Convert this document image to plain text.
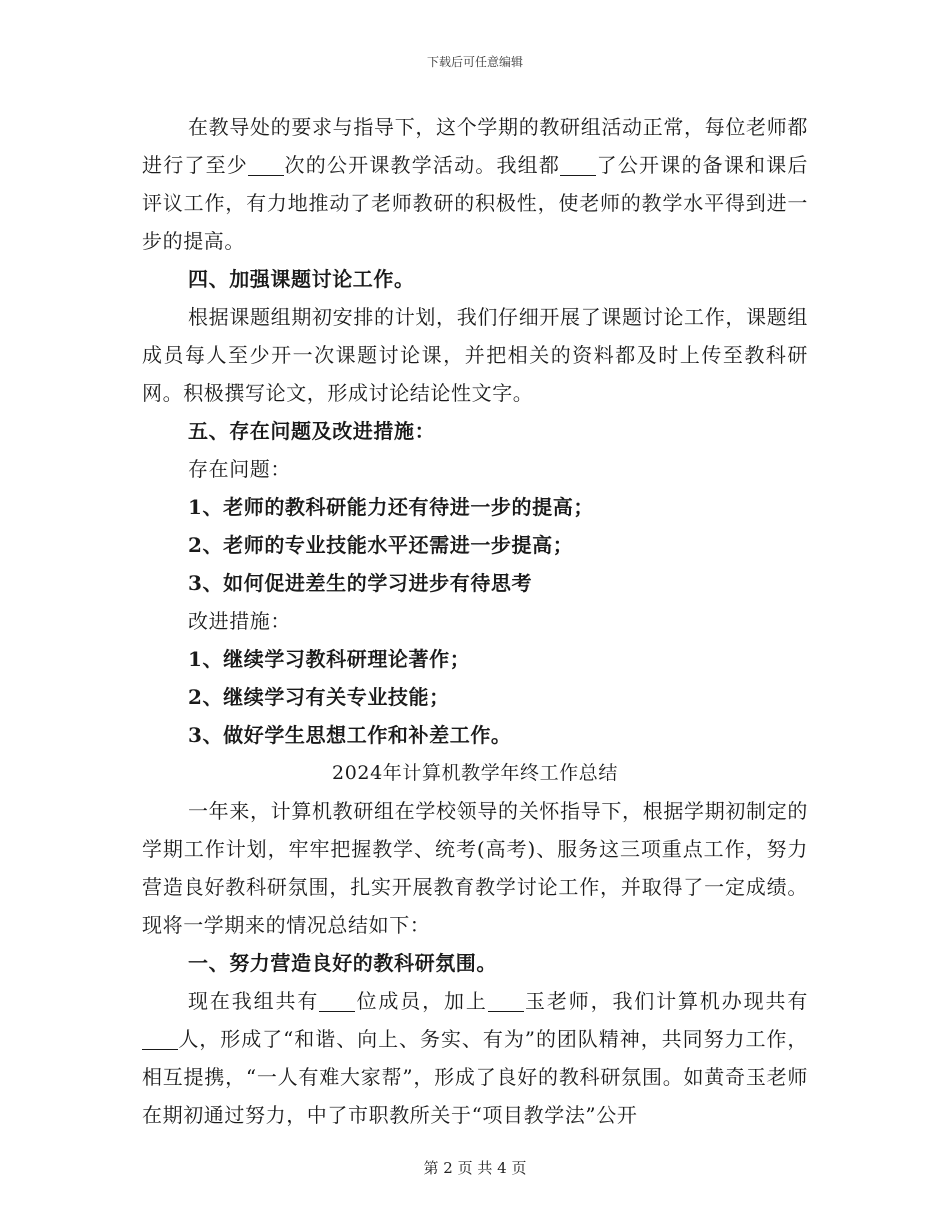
下载后可任意编辑

在教导处的要求与指导下，这个学期的教研组活动正常，每位老师都进行了至少 次的公开课教学活动。我组都 了公开课的备课和课后评议工作，有力地推动了老师教研的积极性，使老师的教学水平得到进一步的提高。

四、加强课题讨论工作。

根据课题组期初安排的计划，我们仔细开展了课题讨论工作，课题组成员每人至少开一次课题讨论课，并把相关的资料都及时上传至教科研网。积极撰写论文，形成讨论结论性文字。

五、存在问题及改进措施：

存在问题：

1、老师的教科研能力还有待进一步的提高；

2、老师的专业技能水平还需进一步提高；

3、如何促进差生的学习进步有待思考

改进措施：

1、继续学习教科研理论著作；

2、继续学习有关专业技能；

3、做好学生思想工作和补差工作。

2024年计算机教学年终工作总结

一年来，计算机教研组在学校领导的关怀指导下，根据学期初制定的学期工作计划，牢牢把握教学、统考(高考)、服务这三项重点工作，努力营造良好教科研氛围，扎实开展教育教学讨论工作，并取得了一定成绩。现将一学期来的情况总结如下：

一、努力营造良好的教科研氛围。

现在我组共有 位成员，加上 玉老师，我们计算机办现共有人，形成了“和谐、向上、务实、有为”的团队精神，共同努力工作，相互提携，“一人有难大家帮”，形成了良好的教科研氛围。如黄奇玉老师在期初通过努力，中了市职教所关于“项目教学法”公开

第 2 页 共 4 页
